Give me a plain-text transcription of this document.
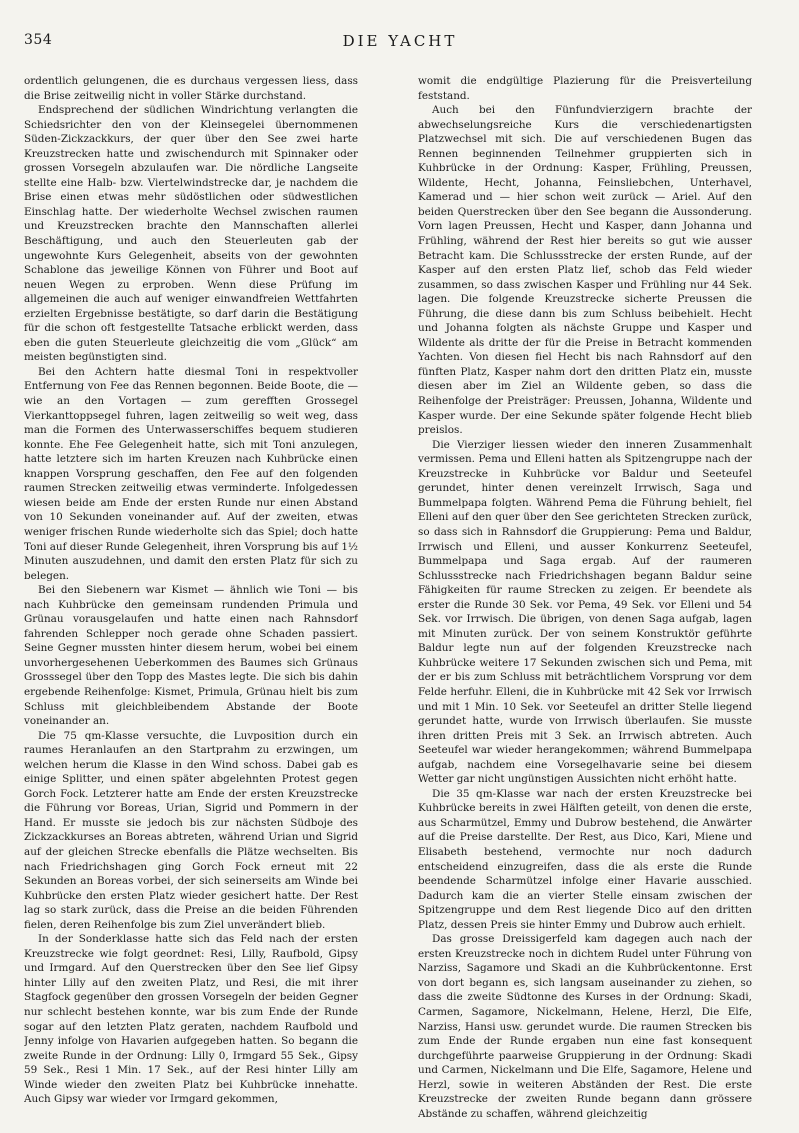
354	DIE YACHT

ordentlich gelungenen, die es durchaus vergessen liess, dass die Brise zeitweilig nicht in voller Stärke durchstand.

Endsprechend der südlichen Windrichtung verlangten die Schiedsrichter den von der Kleinsegelei übernommenen Süden-Zickzackkurs, der quer über den See zwei harte Kreuzstrecken hatte und zwischendurch mit Spinnaker oder grossen Vorsegeln abzulaufen war. Die nördliche Langseite stellte eine Halb- bzw. Viertelwindstrecke dar, je nachdem die Brise einen etwas mehr südöstlichen oder südwestlichen Einschlag hatte. Der wiederholte Wechsel zwischen raumen und Kreuzstrecken brachte den Mannschaften allerlei Beschäftigung, und auch den Steuerleuten gab der ungewohnte Kurs Gelegenheit, abseits von der gewohnten Schablone das jeweilige Können von Führer und Boot auf neuen Wegen zu erproben. Wenn diese Prüfung im allgemeinen die auch auf weniger einwandfreien Wettfahrten erzielten Ergebnisse bestätigte, so darf darin die Bestätigung für die schon oft festgestellte Tatsache erblickt werden, dass eben die guten Steuerleute gleichzeitig die vom „Glück“ am meisten begünstigten sind.

Bei den Achtern hatte diesmal Toni in respektvoller Entfernung von Fee das Rennen begonnen. Beide Boote, die — wie an den Vortagen — zum gerefften Grossegel Vierkanttoppsegel fuhren, lagen zeitweilig so weit weg, dass man die Formen des Unterwasserschiffes bequem studieren konnte. Ehe Fee Gelegenheit hatte, sich mit Toni anzulegen, hatte letztere sich im harten Kreuzen nach Kuhbrücke einen knappen Vorsprung geschaffen, den Fee auf den folgenden raumen Strecken zeitweilig etwas verminderte. Infolgedessen wiesen beide am Ende der ersten Runde nur einen Abstand von 10 Sekunden voneinander auf. Auf der zweiten, etwas weniger frischen Runde wiederholte sich das Spiel; doch hatte Toni auf dieser Runde Gelegenheit, ihren Vorsprung bis auf 1½ Minuten auszudehnen, und damit den ersten Platz für sich zu belegen.

Bei den Siebenern war Kismet — ähnlich wie Toni — bis nach Kuhbrücke den gemeinsam rundenden Primula und Grünau vorausgelaufen und hatte einen nach Rahnsdorf fahrenden Schlepper noch gerade ohne Schaden passiert. Seine Gegner mussten hinter diesem herum, wobei bei einem unvorhergesehenen Ueberkommen des Baumes sich Grünaus Grosssegel über den Topp des Mastes legte. Die sich bis dahin ergebende Reihenfolge: Kismet, Primula, Grünau hielt bis zum Schluss mit gleichbleibendem Abstande der Boote voneinander an.

Die 75 qm-Klasse versuchte, die Luvposition durch ein raumes Heranlaufen an den Startprahm zu erzwingen, um welchen herum die Klasse in den Wind schoss. Dabei gab es einige Splitter, und einen später abgelehnten Protest gegen Gorch Fock. Letzterer hatte am Ende der ersten Kreuzstrecke die Führung vor Boreas, Urian, Sigrid und Pommern in der Hand. Er musste sie jedoch bis zur nächsten Südboje des Zickzackkurses an Boreas abtreten, während Urian und Sigrid auf der gleichen Strecke ebenfalls die Plätze wechselten. Bis nach Friedrichshagen ging Gorch Fock erneut mit 22 Sekunden an Boreas vorbei, der sich seinerseits am Winde bei Kuhbrücke den ersten Platz wieder gesichert hatte. Der Rest lag so stark zurück, dass die Preise an die beiden Führenden fielen, deren Reihenfolge bis zum Ziel unverändert blieb.

In der Sonderklasse hatte sich das Feld nach der ersten Kreuzstrecke wie folgt geordnet: Resi, Lilly, Raufbold, Gipsy und Irmgard. Auf den Querstrecken über den See lief Gipsy hinter Lilly auf den zweiten Platz, und Resi, die mit ihrer Stagfock gegenüber den grossen Vorsegeln der beiden Gegner nur schlecht bestehen konnte, war bis zum Ende der Runde sogar auf den letzten Platz geraten, nachdem Raufbold und Jenny infolge von Havarien aufgegeben hatten. So begann die zweite Runde in der Ordnung: Lilly 0, Irmgard 55 Sek., Gipsy 59 Sek., Resi 1 Min. 17 Sek., auf der Resi hinter Lilly am Winde wieder den zweiten Platz bei Kuhbrücke innehatte. Auch Gipsy war wieder vor Irmgard gekommen,

womit die endgültige Plazierung für die Preisverteilung feststand.

Auch bei den Fünfundvierzigern brachte der abwechselungsreiche Kurs die verschiedenartigsten Platzwechsel mit sich. Die auf verschiedenen Bugen das Rennen beginnenden Teilnehmer gruppierten sich in Kuhbrücke in der Ordnung: Kasper, Frühling, Preussen, Wildente, Hecht, Johanna, Feinsliebchen, Unterhavel, Kamerad und — hier schon weit zurück — Ariel. Auf den beiden Querstrecken über den See begann die Aussonderung. Vorn lagen Preussen, Hecht und Kasper, dann Johanna und Frühling, während der Rest hier bereits so gut wie ausser Betracht kam. Die Schlussstrecke der ersten Runde, auf der Kasper auf den ersten Platz lief, schob das Feld wieder zusammen, so dass zwischen Kasper und Frühling nur 44 Sek. lagen. Die folgende Kreuzstrecke sicherte Preussen die Führung, die diese dann bis zum Schluss beibehielt. Hecht und Johanna folgten als nächste Gruppe und Kasper und Wildente als dritte der für die Preise in Betracht kommenden Yachten. Von diesen fiel Hecht bis nach Rahnsdorf auf den fünften Platz, Kasper nahm dort den dritten Platz ein, musste diesen aber im Ziel an Wildente geben, so dass die Reihenfolge der Preisträger: Preussen, Johanna, Wildente und Kasper wurde. Der eine Sekunde später folgende Hecht blieb preislos.

Die Vierziger liessen wieder den inneren Zusammenhalt vermissen. Pema und Elleni hatten als Spitzengruppe nach der Kreuzstrecke in Kuhbrücke vor Baldur und Seeteufel gerundet, hinter denen vereinzelt Irrwisch, Saga und Bummelpapa folgten. Während Pema die Führung behielt, fiel Elleni auf den quer über den See gerichteten Strecken zurück, so dass sich in Rahnsdorf die Gruppierung: Pema und Baldur, Irrwisch und Elleni, und ausser Konkurrenz Seeteufel, Bummelpapa und Saga ergab. Auf der raumeren Schlussstrecke nach Friedrichshagen begann Baldur seine Fähigkeiten für raume Strecken zu zeigen. Er beendete als erster die Runde 30 Sek. vor Pema, 49 Sek. vor Elleni und 54 Sek. vor Irrwisch. Die übrigen, von denen Saga aufgab, lagen mit Minuten zurück. Der von seinem Konstruktör geführte Baldur legte nun auf der folgenden Kreuzstrecke nach Kuhbrücke weitere 17 Sekunden zwischen sich und Pema, mit der er bis zum Schluss mit beträchtlichem Vorsprung vor dem Felde herfuhr. Elleni, die in Kuhbrücke mit 42 Sek vor Irrwisch und mit 1 Min. 10 Sek. vor Seeteufel an dritter Stelle liegend gerundet hatte, wurde von Irrwisch überlaufen. Sie musste ihren dritten Preis mit 3 Sek. an Irrwisch abtreten. Auch Seeteufel war wieder herangekommen; während Bummelpapa aufgab, nachdem eine Vorsegelhavarie seine bei diesem Wetter gar nicht ungünstigen Aussichten nicht erhöht hatte.

Die 35 qm-Klasse war nach der ersten Kreuzstrecke bei Kuhbrücke bereits in zwei Hälften geteilt, von denen die erste, aus Scharmützel, Emmy und Dubrow bestehend, die Anwärter auf die Preise darstellte. Der Rest, aus Dico, Kari, Miene und Elisabeth bestehend, vermochte nur noch dadurch entscheidend einzugreifen, dass die als erste die Runde beendende Scharmützel infolge einer Havarie ausschied. Dadurch kam die an vierter Stelle einsam zwischen der Spitzengruppe und dem Rest liegende Dico auf den dritten Platz, dessen Preis sie hinter Emmy und Dubrow auch erhielt.

Das grosse Dreissigerfeld kam dagegen auch nach der ersten Kreuzstrecke noch in dichtem Rudel unter Führung von Narziss, Sagamore und Skadi an die Kuhbrückentonne. Erst von dort begann es, sich langsam auseinander zu ziehen, so dass die zweite Südtonne des Kurses in der Ordnung: Skadi, Carmen, Sagamore, Nickelmann, Helene, Herzl, Die Elfe, Narziss, Hansi usw. gerundet wurde. Die raumen Strecken bis zum Ende der Runde ergaben nun eine fast konsequent durchgeführte paarweise Gruppierung in der Ordnung: Skadi und Carmen, Nickelmann und Die Elfe, Sagamore, Helene und Herzl, sowie in weiteren Abständen der Rest. Die erste Kreuzstrecke der zweiten Runde begann dann grössere Abstände zu schaffen, während gleichzeitig
